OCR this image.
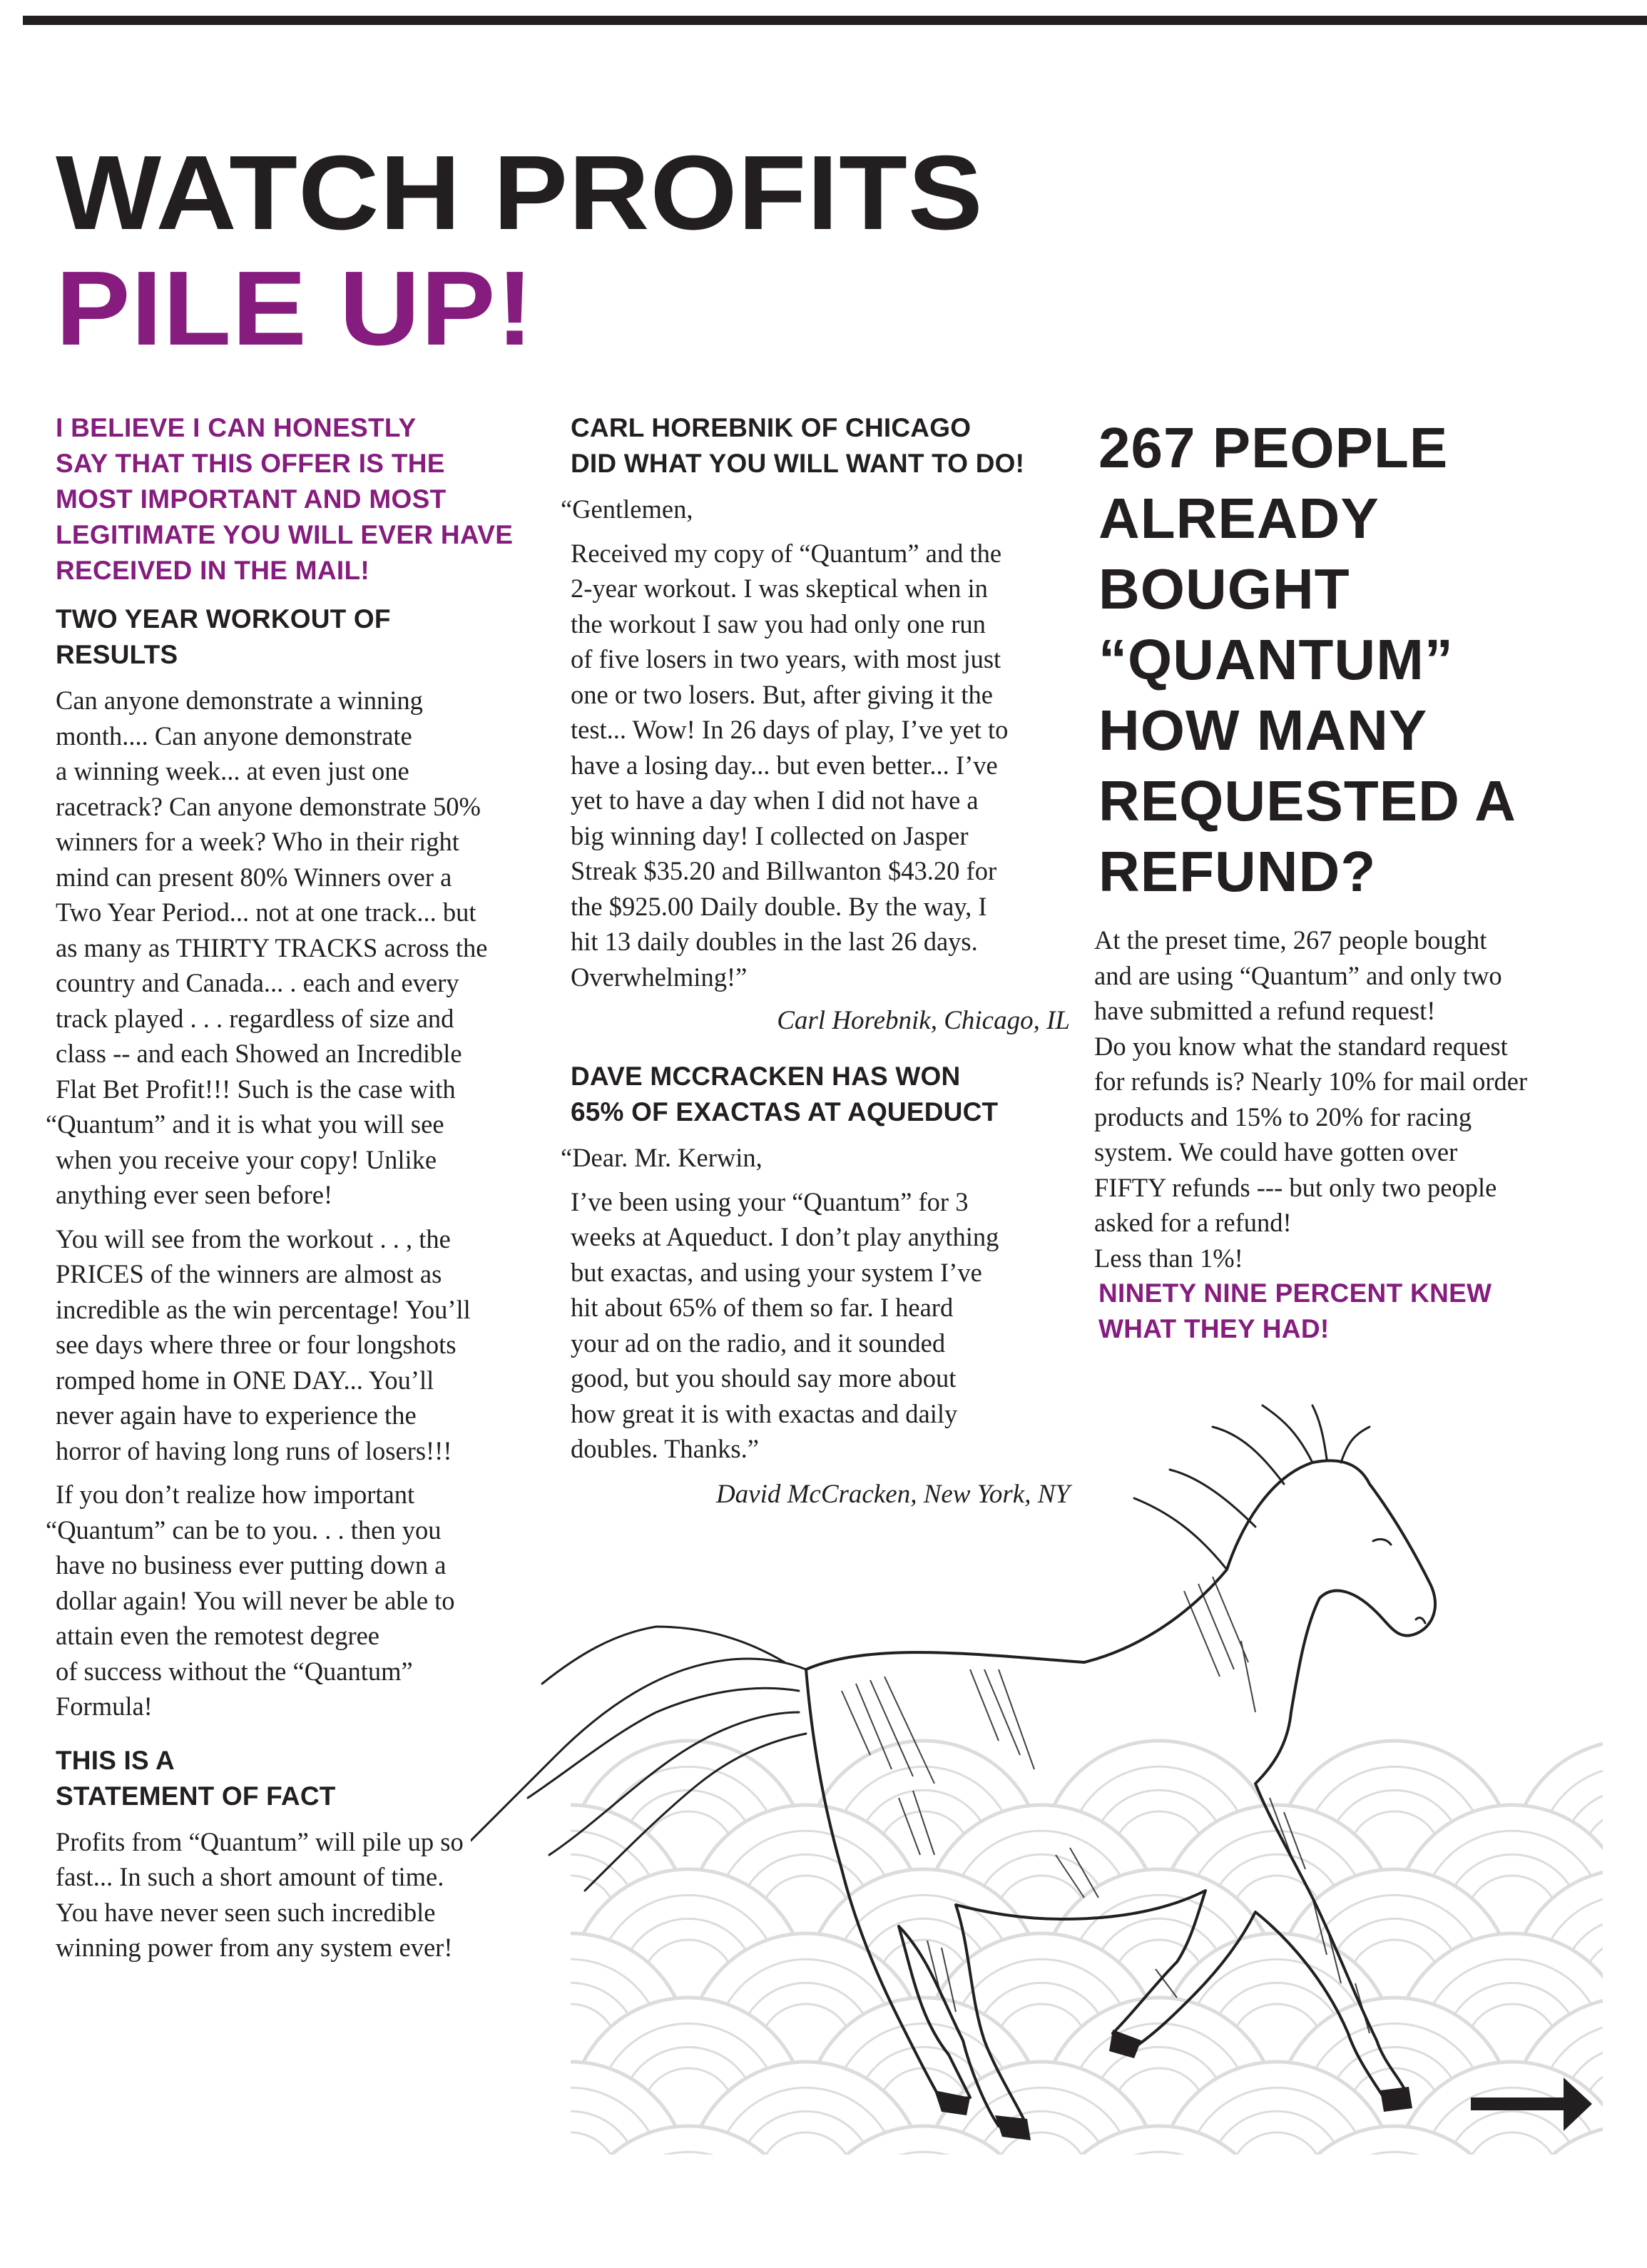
WATCH PROFITS
PILE UP!

I BELIEVE I CAN HONESTLY
SAY THAT THIS OFFER IS THE
MOST IMPORTANT AND MOST
LEGITIMATE YOU WILL EVER HAVE
RECEIVED IN THE MAIL!

TWO YEAR WORKOUT OF
RESULTS

Can anyone demonstrate a winning
month.... Can anyone demonstrate
a winning week... at even just one
racetrack? Can anyone demonstrate 50%
winners for a week? Who in their right
mind can present 80% Winners over a
Two Year Period... not at one track... but
as many as THIRTY TRACKS across the
country and Canada... . each and every
track played . . . regardless of size and
class -- and each Showed an Incredible
Flat Bet Profit!!! Such is the case with
“Quantum” and it is what you will see
when you receive your copy! Unlike
anything ever seen before!

You will see from the workout . . , the
PRICES of the winners are almost as
incredible as the win percentage! You’ll
see days where three or four longshots
romped home in ONE DAY... You’ll
never again have to experience the
horror of having long runs of losers!!!

If you don’t realize how important
“Quantum” can be to you. . . then you
have no business ever putting down a
dollar again! You will never be able to
attain even the remotest degree
of success without the “Quantum”
Formula!

THIS IS A
STATEMENT OF FACT

Profits from “Quantum” will pile up so
fast... In such a short amount of time.
You have never seen such incredible
winning power from any system ever!

CARL HOREBNIK OF CHICAGO
DID WHAT YOU WILL WANT TO DO!

“Gentlemen,

Received my copy of “Quantum” and the
2-year workout. I was skeptical when in
the workout I saw you had only one run
of five losers in two years, with most just
one or two losers. But, after giving it the
test... Wow! In 26 days of play, I’ve yet to
have a losing day... but even better... I’ve
yet to have a day when I did not have a
big winning day! I collected on Jasper
Streak $35.20 and Billwanton $43.20 for
the $925.00 Daily double. By the way, I
hit 13 daily doubles in the last 26 days.
Overwhelming!”

Carl Horebnik, Chicago, IL

DAVE MCCRACKEN HAS WON
65% OF EXACTAS AT AQUEDUCT

“Dear. Mr. Kerwin,

I’ve been using your “Quantum” for 3
weeks at Aqueduct. I don’t play anything
but exactas, and using your system I’ve
hit about 65% of them so far. I heard
your ad on the radio, and it sounded
good, but you should say more about
how great it is with exactas and daily
doubles. Thanks.”

David McCracken, New York, NY

267 PEOPLE
ALREADY
BOUGHT
“QUANTUM”
HOW MANY
REQUESTED A
REFUND?

At the preset time, 267 people bought
and are using “Quantum” and only two
have submitted a refund request!
Do you know what the standard request
for refunds is? Nearly 10% for mail order
products and 15% to 20% for racing
system. We could have gotten over
FIFTY refunds --- but only two people
asked for a refund!
Less than 1%!

NINETY NINE PERCENT KNEW
WHAT THEY HAD!
